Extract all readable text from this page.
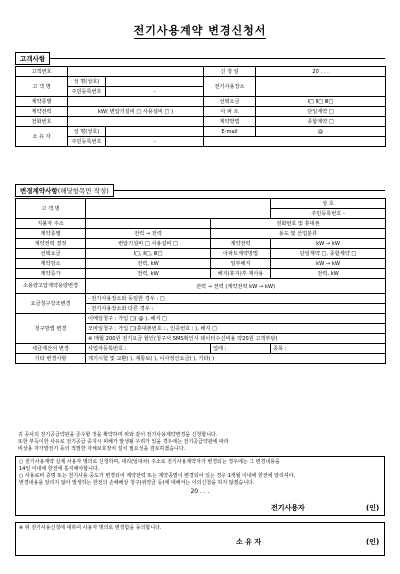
전기사용계약 변경신청서
고객사항
고객번호			신 청 일	20 . . .
고 객 명	성 명(상호)		전기사용장소	
	주민등록번호	-		
계약종별			선택요금	Ⅰ□ Ⅱ□ Ⅲ□
계약전력	kW( 변압기설비 □ 사용설비 □ )		아 파 트	단일계약 □
전화번호			계약방법	종합계약 □
소 유 자	성 명(상호)		E-mail	@
	주민등록번호	-		
변경계약사항(해당항목만 작성)
고 객 명			상 호
			주민등록번호 -
지불자 주소		전화번호 및 휴대폰	
계약종별	전력 → 전력	용도 및 산업분류	
계약전력 결정	변압기설비 □ 사용설비 □	계약전력	kW → kW
선택요금	Ⅰ□, Ⅱ□, Ⅲ□	아파트계약방법	단일계약 □, 종합계약 □
계약감소	전력, kW	일부해지	kW → kW
계약증가	전력, kW	해지(휴지)후 재사용	전력, kW
소용량고압계약용량변경	전력 → 전력 (계약전력 kW → kW)		
요금청구강조변경	· 전기사용장소와 동일한 경우 : □		
	· 전기사용장소와 다른 경우 :		
청구방법 변경	이메일청구 : 가입 □( @ ), 해지 □		
	모바일청구 : 가입 □(휴대폰번호 : , 인증번호 : ), 해지 □		
	※ 매월 200원 전기요금 할인(청구서 SMS확인시 데이터수신비용 약20원 고객부담)		
세금계산서 변경	사업자등록번호 :	업태 :	종목 :
기타 변경사항	계기시험 및 교환( ), 재통보( ), 이사정산요금( ), 기타( )		
귀 공사의 전기공급약관을 준수할 것을 확약하며 위와 같이 전기사용계약변경을 신청합니다.
또한 부득이한 사유로 전기공급 중지시 피해가 발생될 우려가 있을 경우에는 전기공급약관에 따라
비상용 자가발전기 등의 적절한 자체보호장치 설치 필요성을 검토하겠습니다.
○ 전기사용계약 실제 사용자 명의로 신청하며, 대리(임대차) 주소로 전기사용계약자가 변경되는 경우에는 그 변경내용을
14일 이내에 한전에 통지해야합니다.
○ 사용료비 증명 또는 전기사용 중도가 변경되어 계약전력 또는 계약종별이 변경되어 있는 경우 1개월 이내에 한전에 알리셔야,
변경내용을 알리지 않아 발생하는 한전의 손해배상 청구(위약금 등)에 대해서는 이의신청을 하지 않겠습니다.
20 . . .
전기사용자	(인)
※ 위 전기사용신청에 대하여 사용자 명의로 변경함을 동의합니다.
소 유 자	(인)
